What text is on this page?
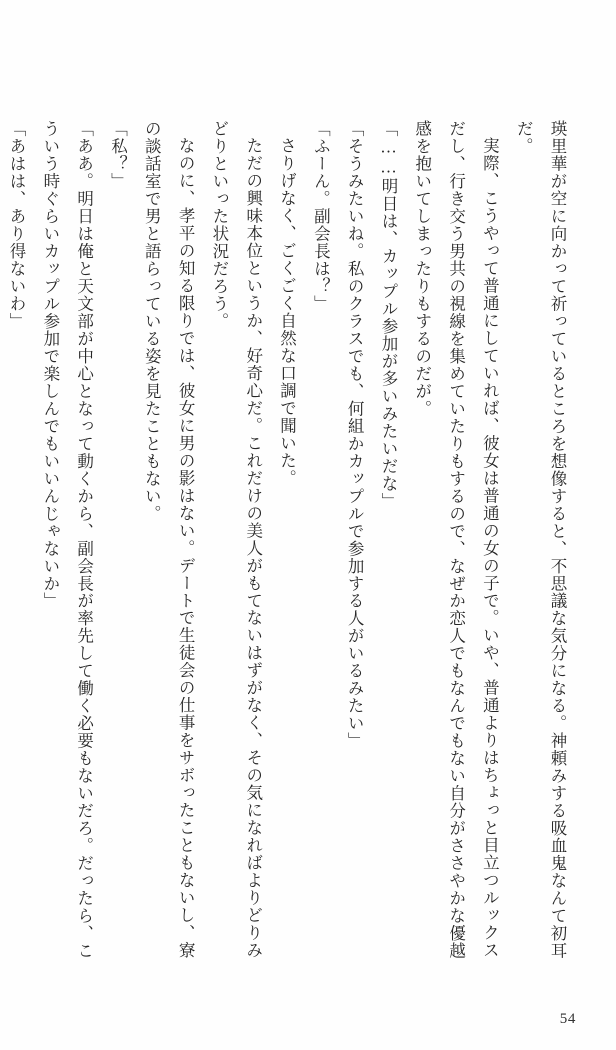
瑛里華が空に向かって祈っているところを想像すると、不思議な気分になる。神頼みする吸血鬼なんて初耳だ。

実際、こうやって普通にしていれば、彼女は普通の女の子で。いや、普通よりはちょっと目立つルックスだし、行き交う男共の視線を集めていたりもするので、なぜか恋人でもなんでもない自分がささやかな優越感を抱いてしまったりもするのだが。

「……明日は、カップル参加が多いみたいだな」

「そうみたいね。私のクラスでも、何組かカップルで参加する人がいるみたい」

「ふーん。副会長は？」

さりげなく、ごくごく自然な口調で聞いた。

ただの興味本位というか、好奇心だ。これだけの美人がもてないはずがなく、その気になればよりどりみどりといった状況だろう。

なのに、孝平の知る限りでは、彼女に男の影はない。デートで生徒会の仕事をサボったこともないし、寮の談話室で男と語らっている姿を見たこともない。

「私？」

「ああ。明日は俺と天文部が中心となって動くから、副会長が率先して働く必要もないだろ。だったら、こういう時ぐらいカップル参加で楽しんでもいいんじゃないか」

「あはは、あり得ないわ」

54
